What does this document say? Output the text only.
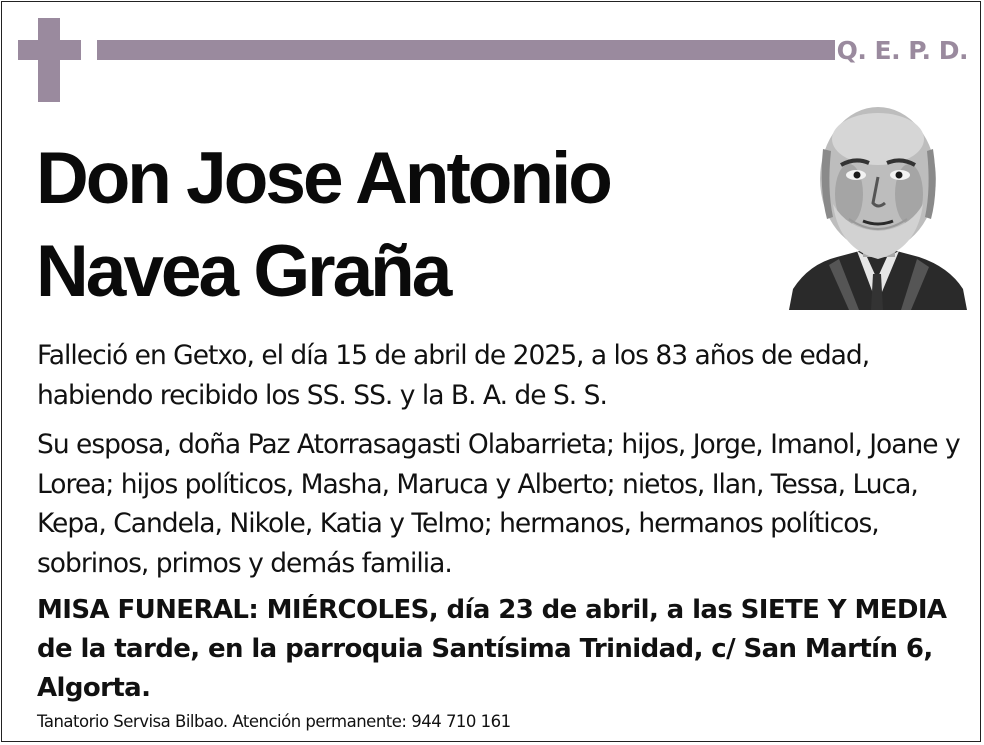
Q. E. P. D.
Don Jose Antonio
Navea Graña
Falleció en Getxo, el día 15 de abril de 2025, a los 83 años de edad, habiendo recibido los SS. SS. y la B. A. de S. S.
Su esposa, doña Paz Atorrasagasti Olabarrieta; hijos, Jorge, Imanol, Joane y Lorea; hijos políticos, Masha, Maruca y Alberto; nietos, Ilan, Tessa, Luca, Kepa, Candela, Nikole, Katia y Telmo; hermanos, hermanos políticos, sobrinos, primos y demás familia.
MISA FUNERAL: MIÉRCOLES, día 23 de abril, a las SIETE Y MEDIA de la tarde, en la parroquia Santísima Trinidad, c/ San Martín 6, Algorta.
Tanatorio Servisa Bilbao. Atención permanente: 944 710 161
